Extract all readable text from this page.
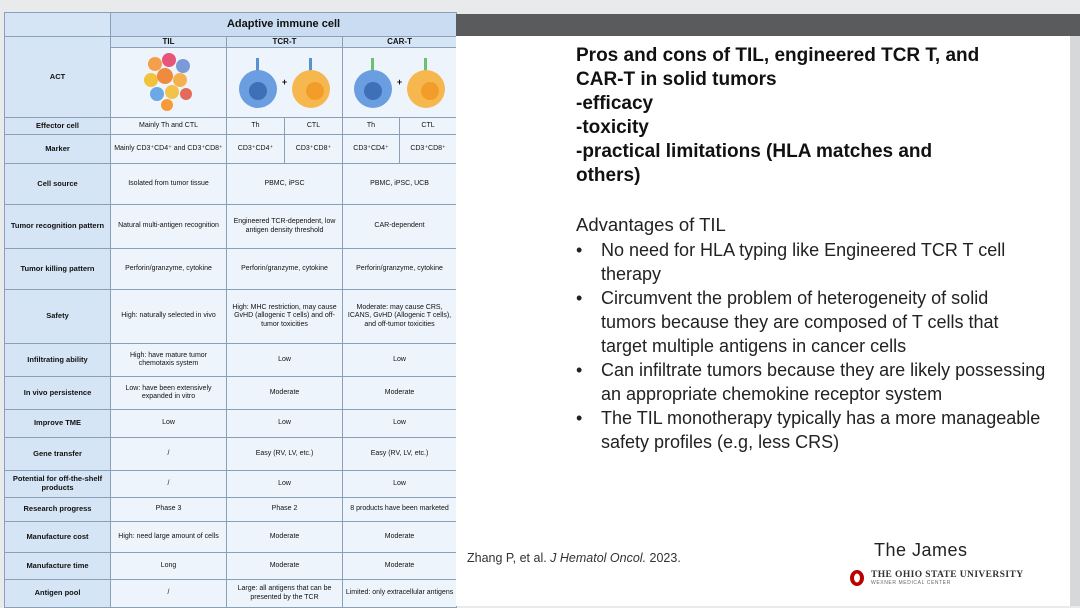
	Adaptive immune cell				
ACT	TIL	TCR-T		CAR-T	

+		+	

Effector cell	Mainly Th and CTL	Th	CTL	Th	CTL
Marker	Mainly CD3⁺CD4⁺ and CD3⁺CD8⁺	CD3⁺CD4⁺	CD3⁺CD8⁺	CD3⁺CD4⁺	CD3⁺CD8⁺
Cell source	Isolated from tumor tissue	PBMC, iPSC		PBMC, iPSC, UCB	
Tumor recognition pattern	Natural multi-antigen recognition	Engineered TCR-dependent, low antigen density threshold		CAR-dependent	
Tumor killing pattern	Perforin/granzyme, cytokine	Perforin/granzyme, cytokine		Perforin/granzyme, cytokine	
Safety	High: naturally selected in vivo	High: MHC restriction, may cause GvHD (allogenic T cells) and off-tumor toxicities		Moderate: may cause CRS, ICANS, GvHD (Allogenic T cells), and off-tumor toxicities	
Infiltrating ability	High: have mature tumor chemotaxis system	Low		Low	
In vivo persistence	Low: have been extensively expanded in vitro	Moderate		Moderate	
Improve TME	Low	Low		Low	
Gene transfer	/	Easy (RV, LV, etc.)		Easy (RV, LV, etc.)	
Potential for off-the-shelf products	/	Low		Low	
Research progress	Phase 3	Phase 2		8 products have been marketed	
Manufacture cost	High: need large amount of cells	Moderate		Moderate	
Manufacture time	Long	Moderate		Moderate	
Antigen pool	/	Large: all antigens that can be presented by the TCR		Limited: only extracellular antigens	
Pros and cons of TIL, engineered TCR T, and
CAR-T in solid tumors
-efficacy
-toxicity
-practical limitations (HLA matches and
others)
Advantages of TIL
• No need for HLA typing like Engineered TCR T cell therapy
• Circumvent the problem of heterogeneity of solid tumors because they are composed of T cells that target multiple antigens in cancer cells
• Can infiltrate tumors because they are likely possessing an appropriate chemokine receptor system
• The TIL monotherapy typically has a more manageable safety profiles (e.g, less CRS)
Zhang P, et al. J Hematol Oncol. 2023.	The James
THE OHIO STATE UNIVERSITY
WEXNER MEDICAL CENTER
